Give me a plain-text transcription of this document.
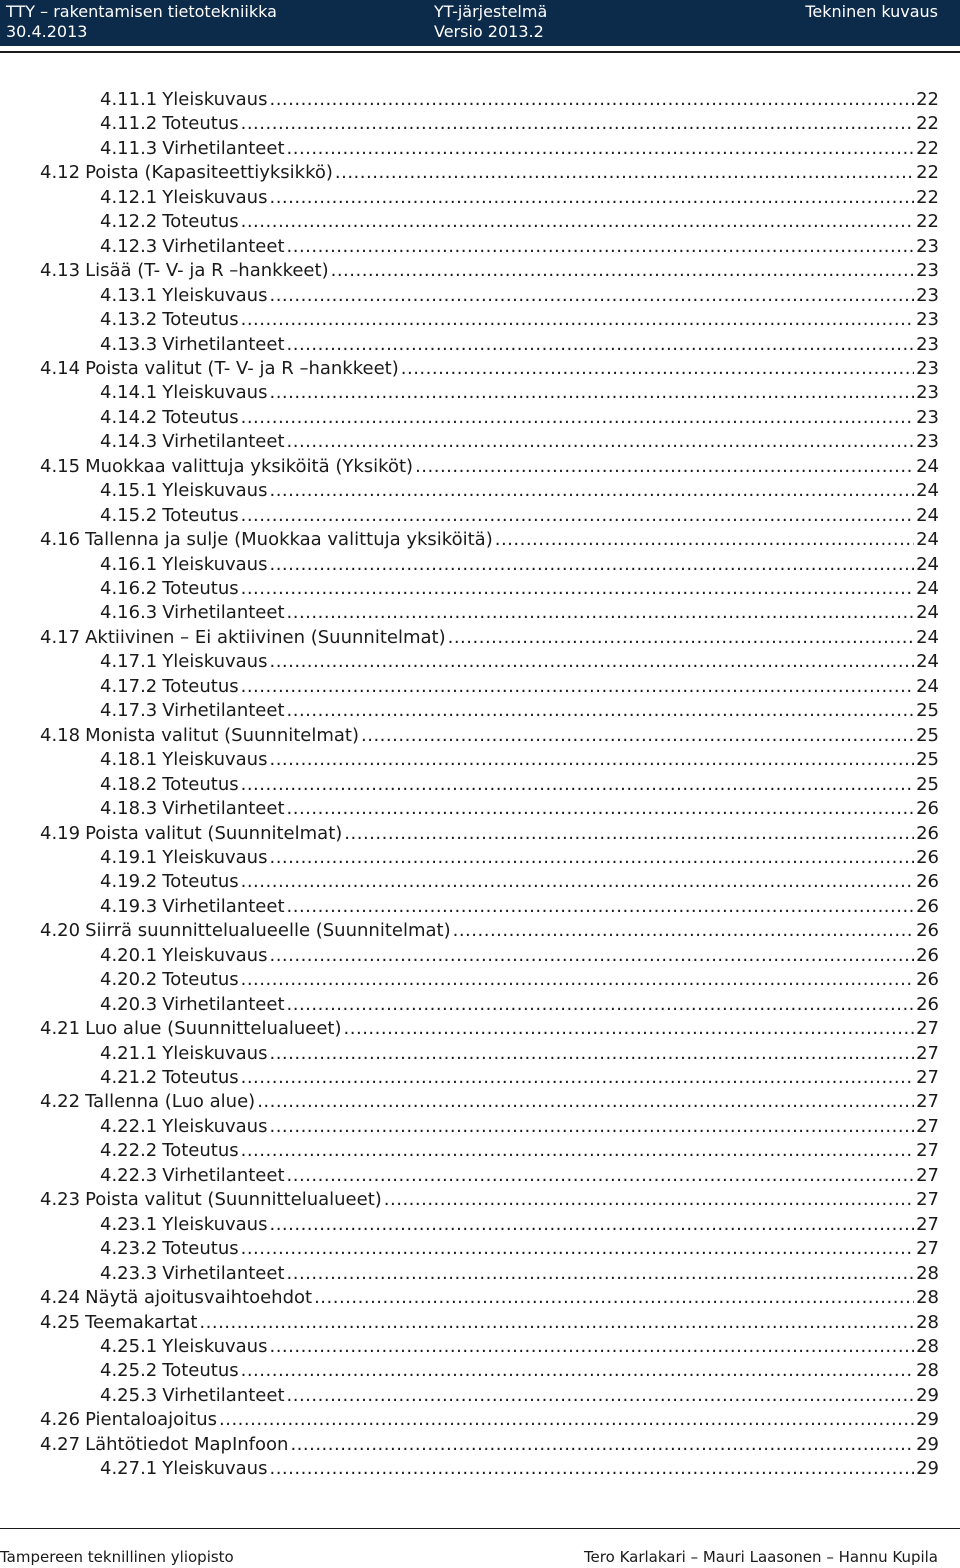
TTY – rakentamisen tietotekniikka
30.4.2013
YT-järjestelmä
Versio 2013.2
Tekninen kuvaus
4.11.1 Yleiskuvaus .....	22
4.11.2 Toteutus .....	22
4.11.3 Virhetilanteet .....	22
4.12 Poista (Kapasiteettiyksikkö) .....	22
4.12.1 Yleiskuvaus .....	22
4.12.2 Toteutus .....	22
4.12.3 Virhetilanteet .....	23
4.13 Lisää (T- V- ja R –hankkeet) .....	23
4.13.1 Yleiskuvaus .....	23
4.13.2 Toteutus .....	23
4.13.3 Virhetilanteet .....	23
4.14 Poista valitut (T- V- ja R –hankkeet) .....	23
4.14.1 Yleiskuvaus .....	23
4.14.2 Toteutus .....	23
4.14.3 Virhetilanteet .....	23
4.15 Muokkaa valittuja yksiköitä (Yksiköt) .....	24
4.15.1 Yleiskuvaus .....	24
4.15.2 Toteutus .....	24
4.16 Tallenna ja sulje (Muokkaa valittuja yksiköitä) .....	24
4.16.1 Yleiskuvaus .....	24
4.16.2 Toteutus .....	24
4.16.3 Virhetilanteet .....	24
4.17 Aktiivinen – Ei aktiivinen (Suunnitelmat) .....	24
4.17.1 Yleiskuvaus .....	24
4.17.2 Toteutus .....	24
4.17.3 Virhetilanteet .....	25
4.18 Monista valitut (Suunnitelmat) .....	25
4.18.1 Yleiskuvaus .....	25
4.18.2 Toteutus .....	25
4.18.3 Virhetilanteet .....	26
4.19 Poista valitut (Suunnitelmat) .....	26
4.19.1 Yleiskuvaus .....	26
4.19.2 Toteutus .....	26
4.19.3 Virhetilanteet .....	26
4.20 Siirrä suunnittelualueelle (Suunnitelmat) .....	26
4.20.1 Yleiskuvaus .....	26
4.20.2 Toteutus .....	26
4.20.3 Virhetilanteet .....	26
4.21 Luo alue (Suunnittelualueet) .....	27
4.21.1 Yleiskuvaus .....	27
4.21.2 Toteutus .....	27
4.22 Tallenna (Luo alue) .....	27
4.22.1 Yleiskuvaus .....	27
4.22.2 Toteutus .....	27
4.22.3 Virhetilanteet .....	27
4.23 Poista valitut (Suunnittelualueet) .....	27
4.23.1 Yleiskuvaus .....	27
4.23.2 Toteutus .....	27
4.23.3 Virhetilanteet .....	28
4.24 Näytä ajoitusvaihtoehdot .....	28
4.25 Teemakartat .....	28
4.25.1 Yleiskuvaus .....	28
4.25.2 Toteutus .....	28
4.25.3 Virhetilanteet .....	29
4.26 Pientaloajoitus .....	29
4.27 Lähtötiedot MapInfoon .....	29
4.27.1 Yleiskuvaus .....	29
Tampereen teknillinen yliopisto	Tero Karlakari – Mauri Laasonen – Hannu Kupila
